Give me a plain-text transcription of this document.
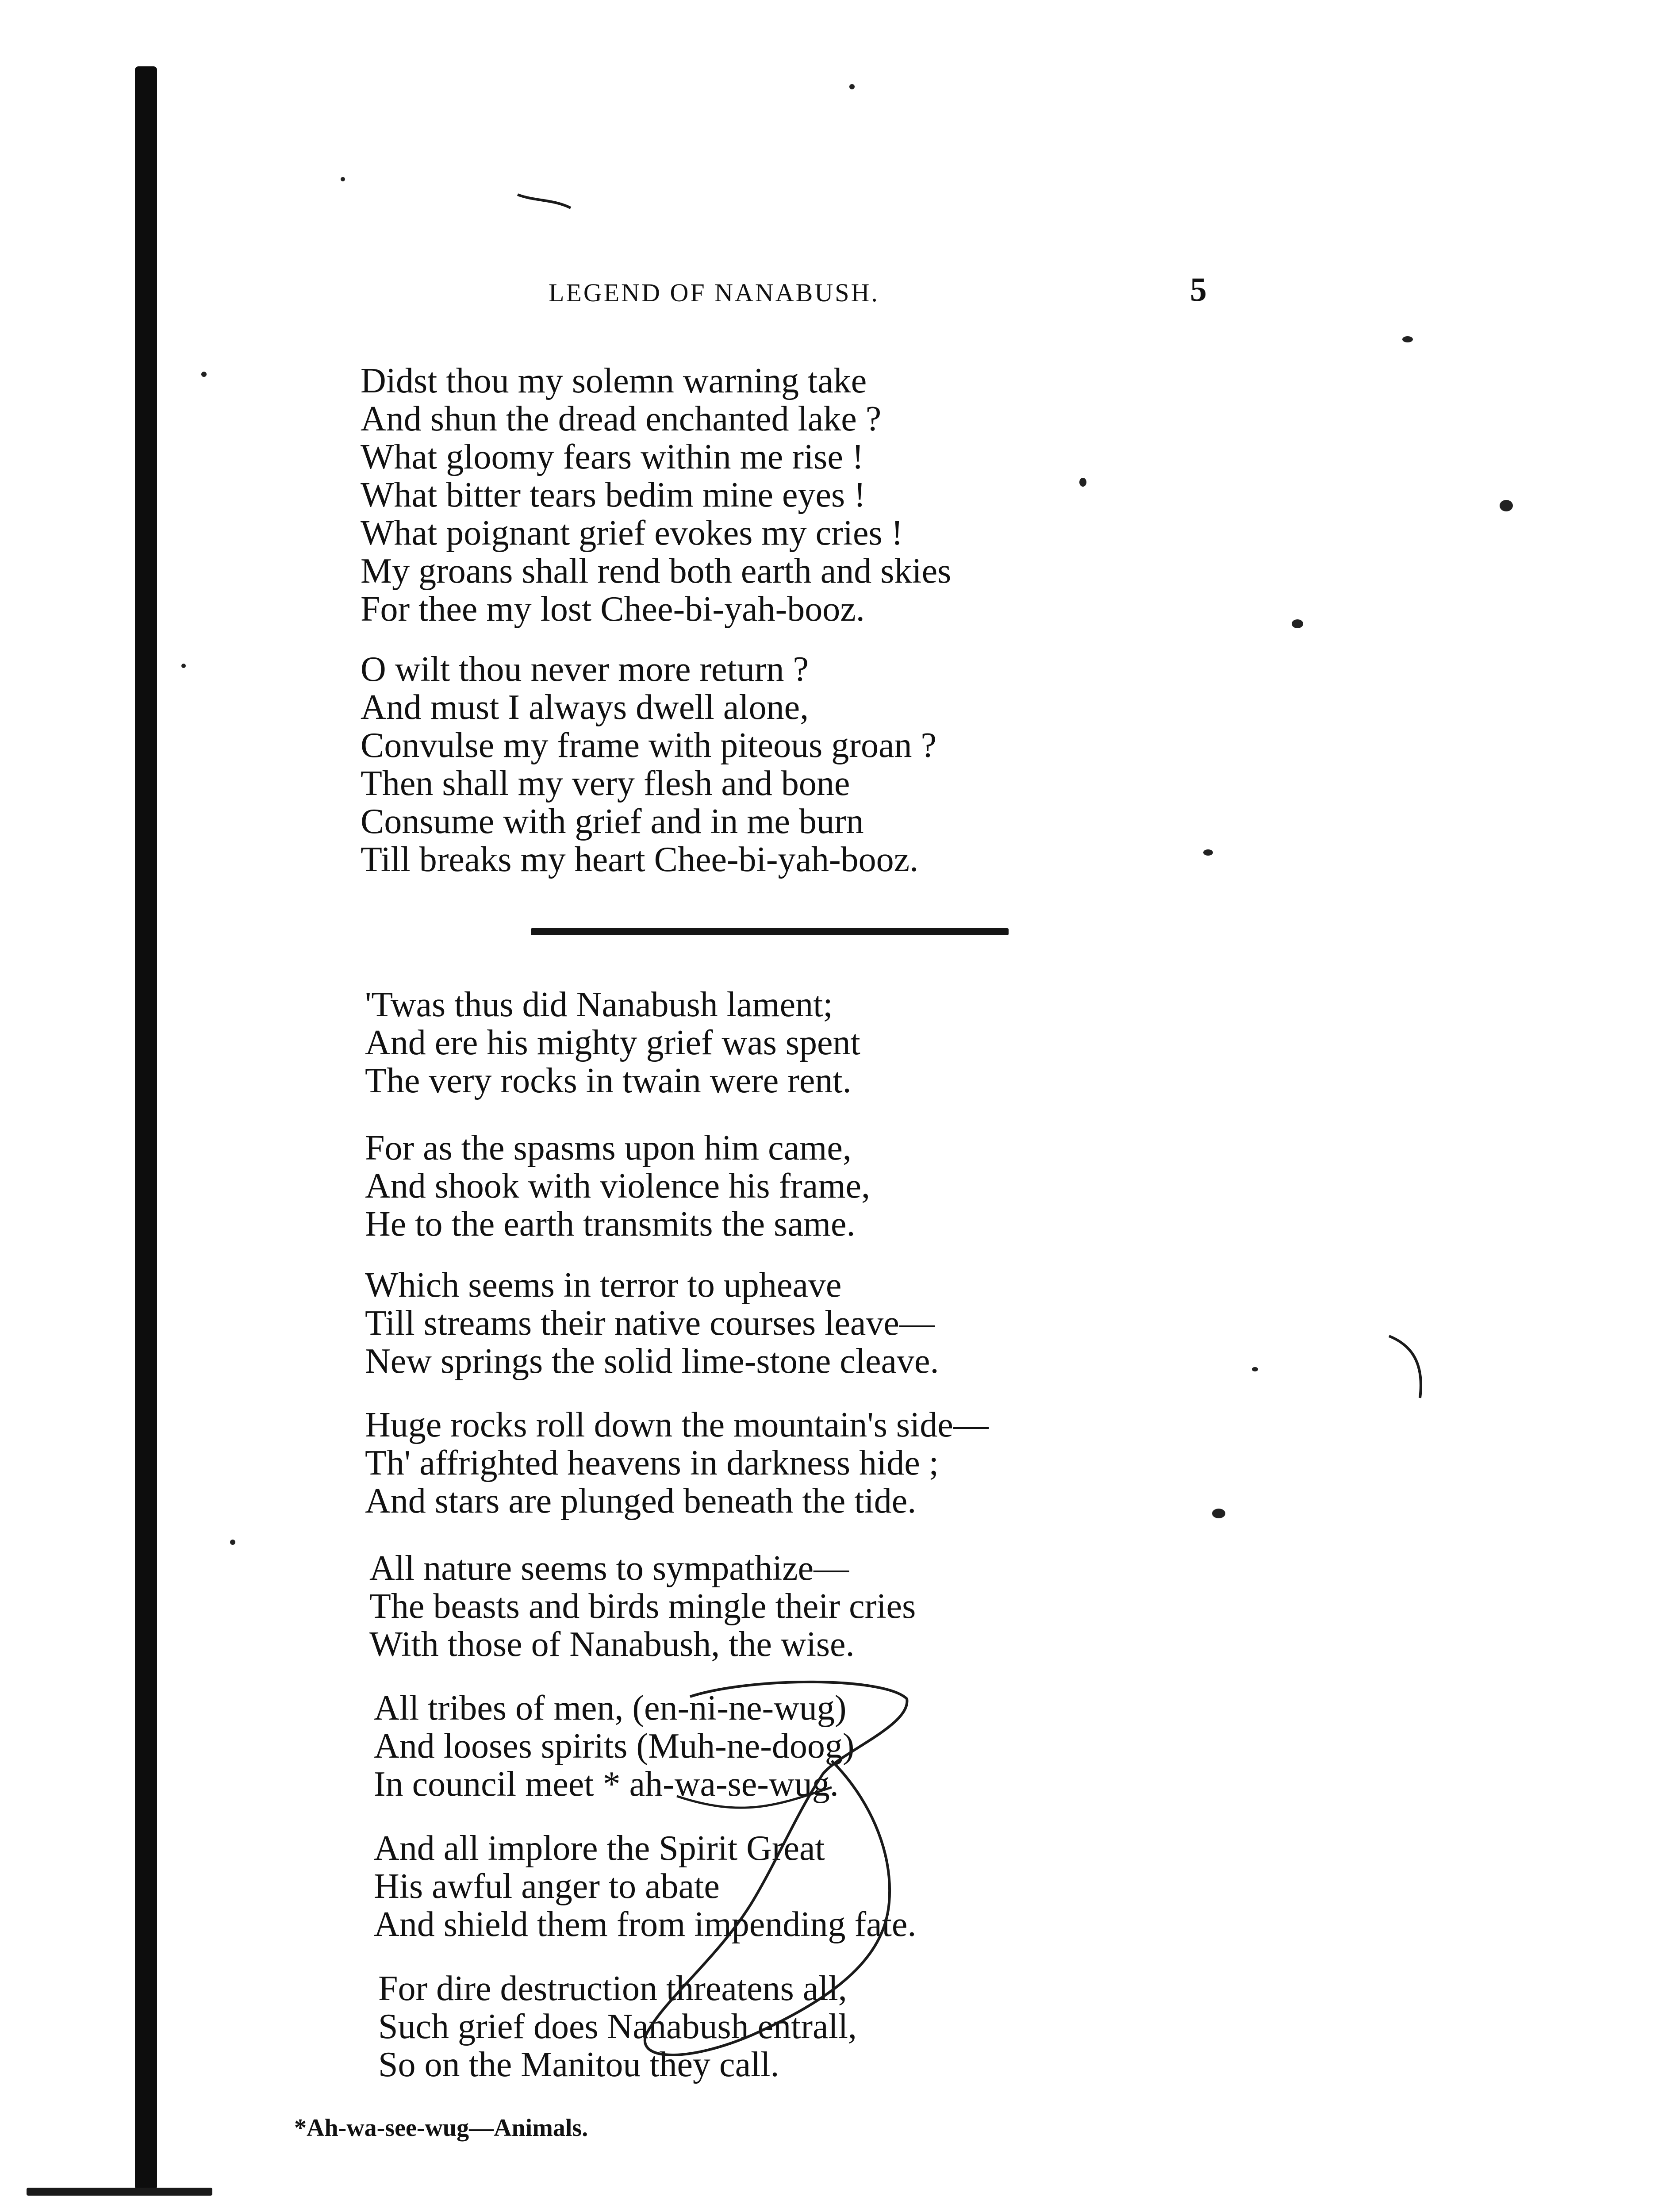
LEGEND OF NANABUSH.	5
Didst thou my solemn warning take
And shun the dread enchanted lake ?
What gloomy fears within me rise !
What bitter tears bedim mine eyes !
What poignant grief evokes my cries !
My groans shall rend both earth and skies
For thee my lost Chee-bi-yah-booz.
O wilt thou never more return ?
And must I always dwell alone,
Convulse my frame with piteous groan ?
Then shall my very flesh and bone
Consume with grief and in me burn
Till breaks my heart Chee-bi-yah-booz.
'Twas thus did Nanabush lament;
And ere his mighty grief was spent
The very rocks in twain were rent.
For as the spasms upon him came,
And shook with violence his frame,
He to the earth transmits the same.
Which seems in terror to upheave
Till streams their native courses leave—
New springs the solid lime-stone cleave.
Huge rocks roll down the mountain's side—
Th' affrighted heavens in darkness hide ;
And stars are plunged beneath the tide.
All nature seems to sympathize—
The beasts and birds mingle their cries
With those of Nanabush, the wise.
All tribes of men, (en-ni-ne-wug)
And looses spirits (Muh-ne-doog)
In council meet * ah-wa-se-wug.
And all implore the Spirit Great
His awful anger to abate
And shield them from impending fate.
For dire destruction threatens all,
Such grief does Nanabush entrall,
So on the Manitou they call.
*Ah-wa-see-wug—Animals.
